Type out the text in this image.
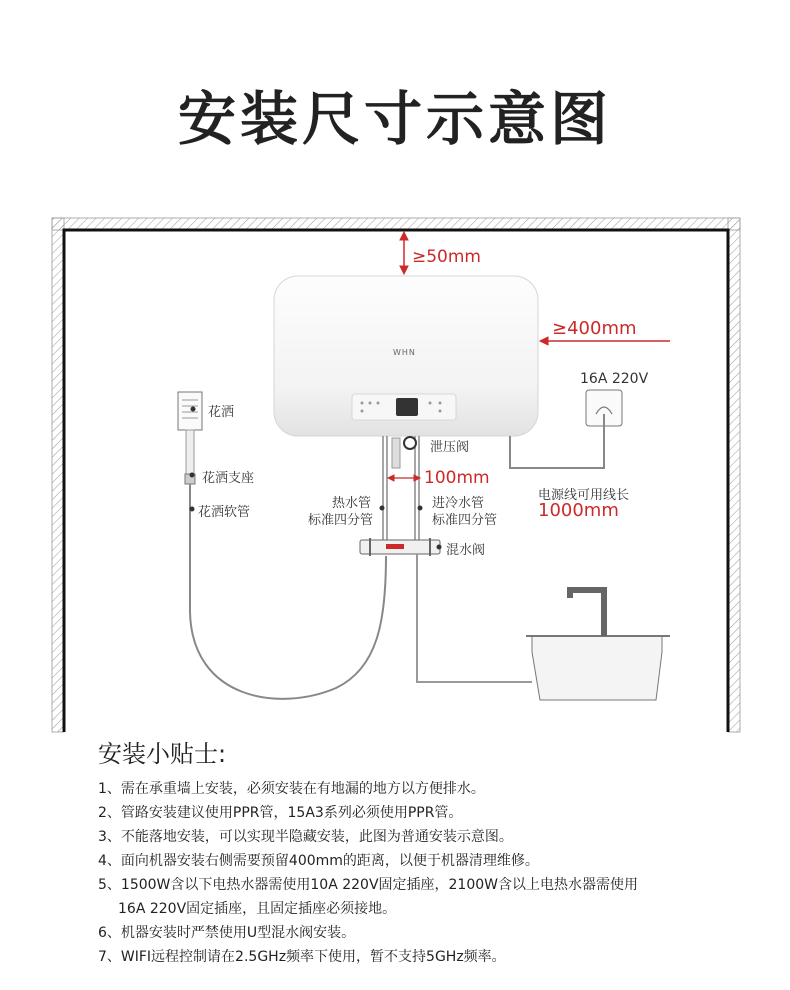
安装尺寸示意图
WHN
≥50mm
≥400mm
16A 220V
花洒
泄压阀
100mm
花洒支座
花洒软管
热水管
标准四分管
进冷水管
标准四分管
电源线可用线长
1000mm
混水阀
安装小贴士:
1、需在承重墙上安装，必须安装在有地漏的地方以方便排水。
2、管路安装建议使用PPR管，15A3系列必须使用PPR管。
3、不能落地安装，可以实现半隐藏安装，此图为普通安装示意图。
4、面向机器安装右侧需要预留400mm的距离，以便于机器清理维修。
5、1500W含以下电热水器需使用10A 220V固定插座，2100W含以上电热水器需使用
16A 220V固定插座，且固定插座必须接地。
6、机器安装时严禁使用U型混水阀安装。
7、WIFI远程控制请在2.5GHz频率下使用，暂不支持5GHz频率。
